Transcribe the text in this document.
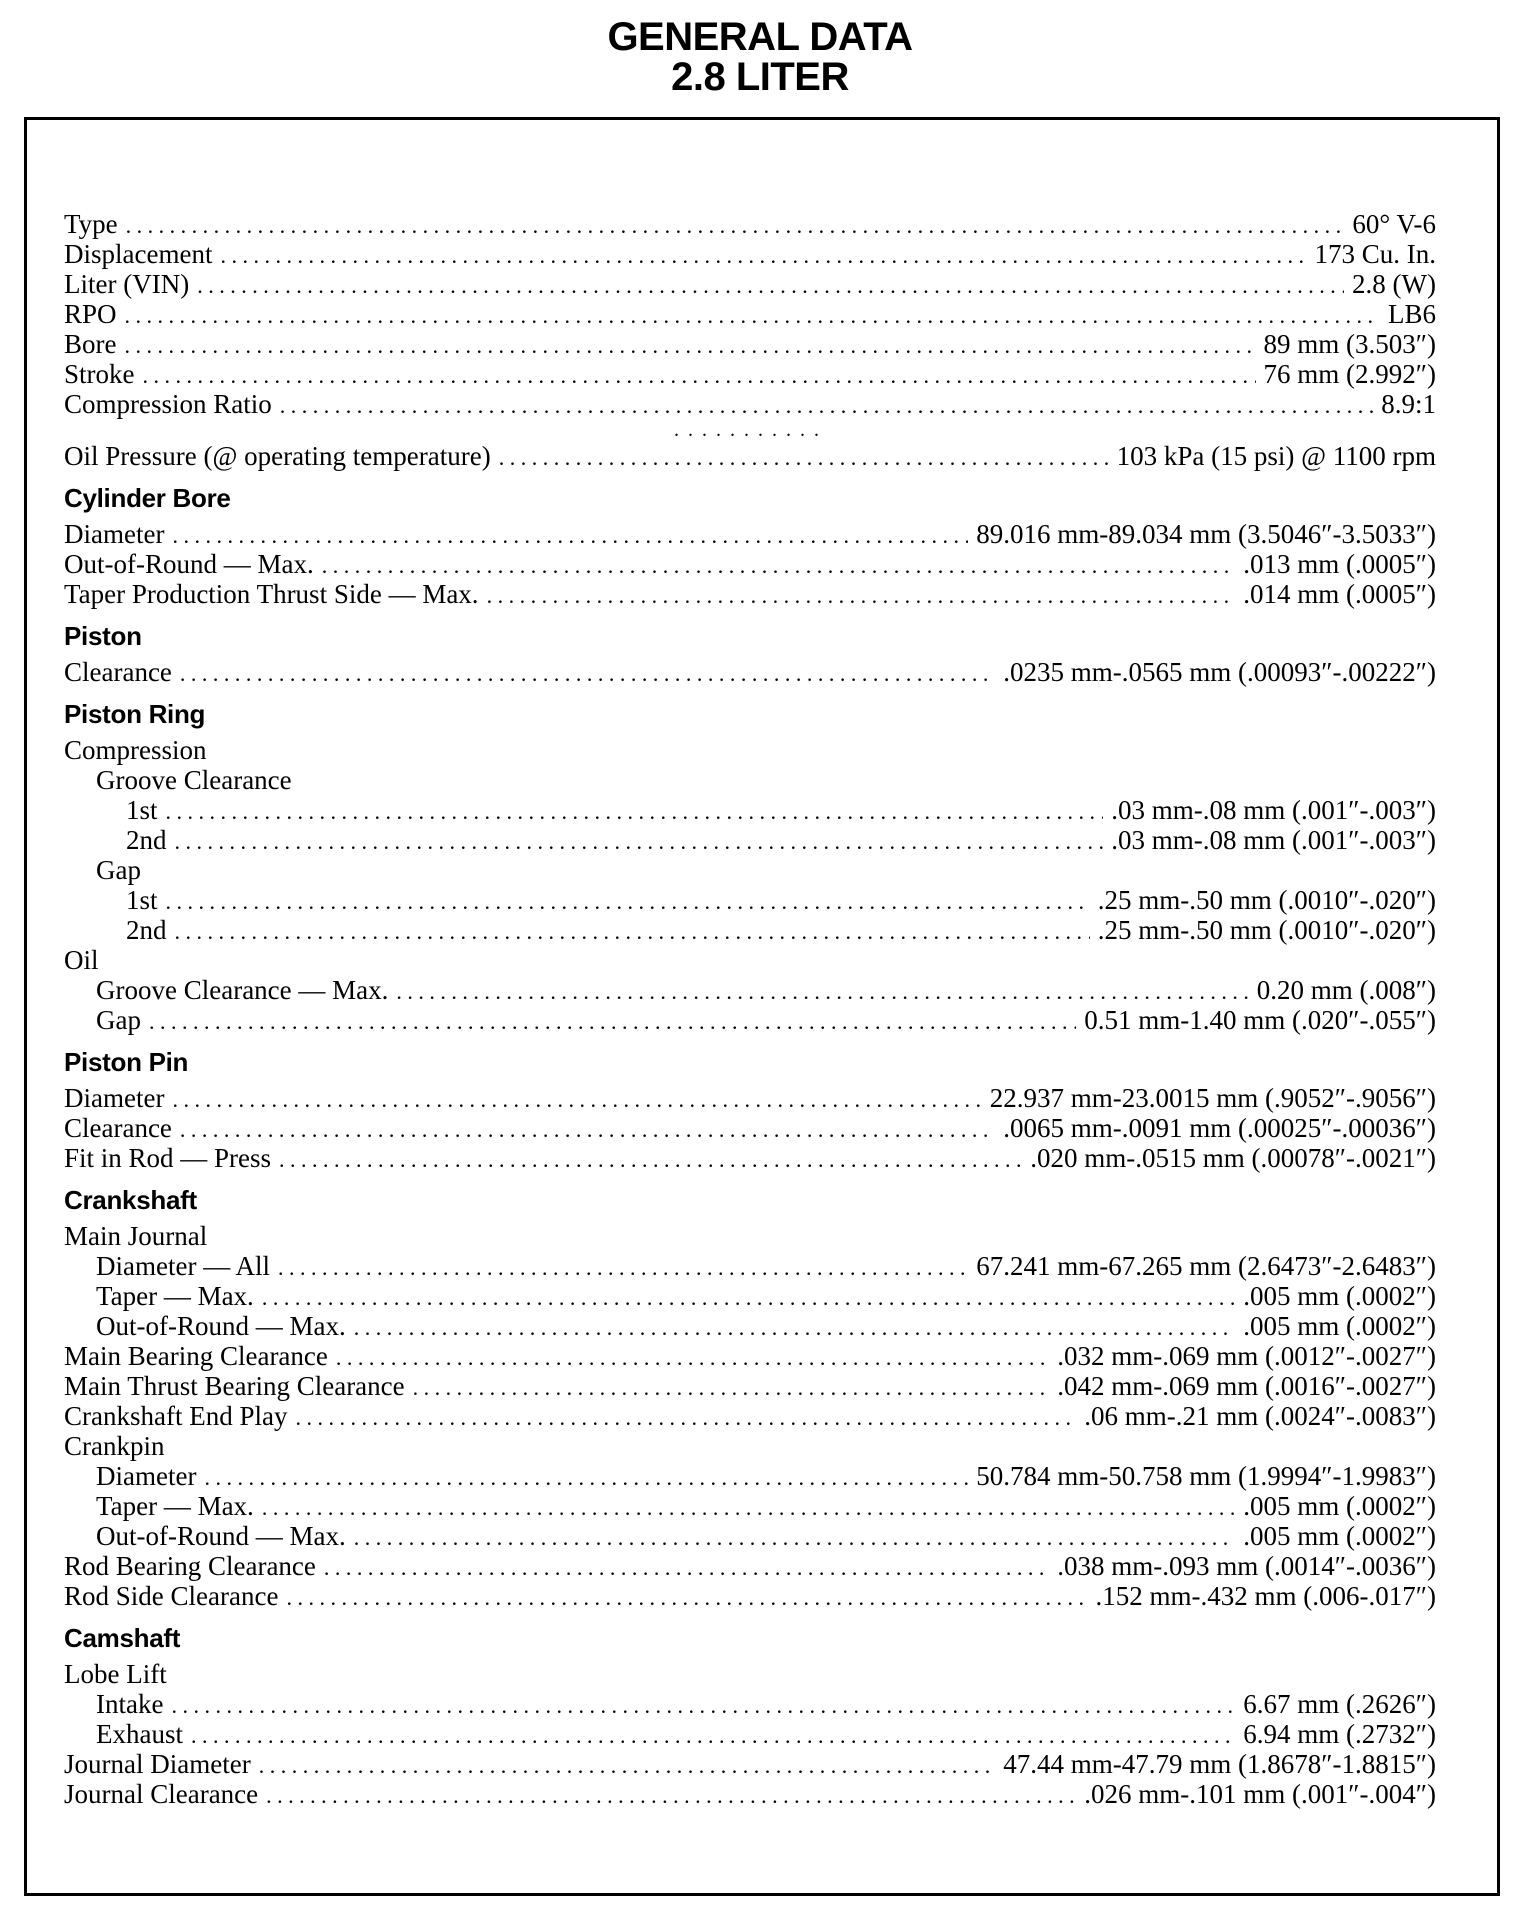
GENERAL DATA
2.8 LITER
Type . . .	60° V-6
Displacement . . .	173 Cu. In.
Liter (VIN) . . .	2.8 (W)
RPO . . .	LB6
Bore . . .	89 mm (3.503″)
Stroke . . .	76 mm (2.992″)
Compression Ratio . . .	8.9:1
. . . . . . . . . . .
Oil Pressure (@ operating temperature) . . .	103 kPa (15 psi) @ 1100 rpm
Cylinder Bore
Diameter . . .	89.016 mm-89.034 mm (3.5046″-3.5033″)
Out-of-Round — Max. . . .	.013 mm (.0005″)
Taper Production Thrust Side — Max. . . .	.014 mm (.0005″)
Piston
Clearance . . .	.0235 mm-.0565 mm (.00093″-.00222″)
Piston Ring
Compression
Groove Clearance
1st . . .	.03 mm-.08 mm (.001″-.003″)
2nd . . .	.03 mm-.08 mm (.001″-.003″)
Gap
1st . . .	.25 mm-.50 mm (.0010″-.020″)
2nd . . .	.25 mm-.50 mm (.0010″-.020″)
Oil
Groove Clearance — Max. . . .	0.20 mm (.008″)
Gap . . .	0.51 mm-1.40 mm (.020″-.055″)
Piston Pin
Diameter . . .	22.937 mm-23.0015 mm (.9052″-.9056″)
Clearance . . .	.0065 mm-.0091 mm (.00025″-.00036″)
Fit in Rod — Press . . .	.020 mm-.0515 mm (.00078″-.0021″)
Crankshaft
Main Journal
Diameter — All . . .	67.241 mm-67.265 mm (2.6473″-2.6483″)
Taper — Max. . . .	.005 mm (.0002″)
Out-of-Round — Max. . . .	.005 mm (.0002″)
Main Bearing Clearance . . .	.032 mm-.069 mm (.0012″-.0027″)
Main Thrust Bearing Clearance . . .	.042 mm-.069 mm (.0016″-.0027″)
Crankshaft End Play . . .	.06 mm-.21 mm (.0024″-.0083″)
Crankpin
Diameter . . .	50.784 mm-50.758 mm (1.9994″-1.9983″)
Taper — Max. . . .	.005 mm (.0002″)
Out-of-Round — Max. . . .	.005 mm (.0002″)
Rod Bearing Clearance . . .	.038 mm-.093 mm (.0014″-.0036″)
Rod Side Clearance . . .	.152 mm-.432 mm (.006-.017″)
Camshaft
Lobe Lift
Intake . . .	6.67 mm (.2626″)
Exhaust . . .	6.94 mm (.2732″)
Journal Diameter . . .	47.44 mm-47.79 mm (1.8678″-1.8815″)
Journal Clearance . . .	.026 mm-.101 mm (.001″-.004″)
